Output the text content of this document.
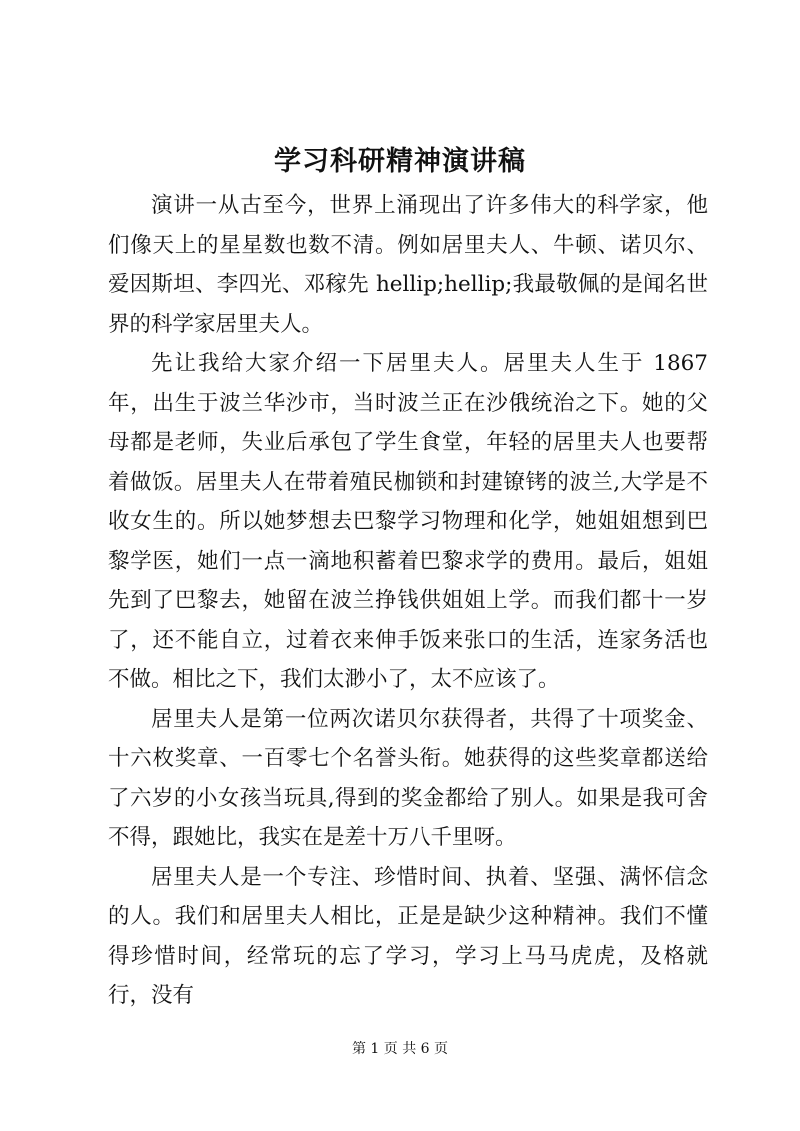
学习科研精神演讲稿

演讲一从古至今，世界上涌现出了许多伟大的科学家，他们像天上的星星数也数不清。例如居里夫人、牛顿、诺贝尔、爱因斯坦、李四光、邓稼先 hellip;hellip;我最敬佩的是闻名世界的科学家居里夫人。

先让我给大家介绍一下居里夫人。居里夫人生于 1867 年，出生于波兰华沙市，当时波兰正在沙俄统治之下。她的父母都是老师，失业后承包了学生食堂，年轻的居里夫人也要帮着做饭。居里夫人在带着殖民枷锁和封建镣铐的波兰,大学是不收女生的。所以她梦想去巴黎学习物理和化学，她姐姐想到巴黎学医，她们一点一滴地积蓄着巴黎求学的费用。最后，姐姐先到了巴黎去，她留在波兰挣钱供姐姐上学。而我们都十一岁了，还不能自立，过着衣来伸手饭来张口的生活，连家务活也不做。相比之下，我们太渺小了，太不应该了。

居里夫人是第一位两次诺贝尔获得者，共得了十项奖金、十六枚奖章、一百零七个名誉头衔。她获得的这些奖章都送给了六岁的小女孩当玩具,得到的奖金都给了别人。如果是我可舍不得，跟她比，我实在是差十万八千里呀。

居里夫人是一个专注、珍惜时间、执着、坚强、满怀信念的人。我们和居里夫人相比，正是是缺少这种精神。我们不懂得珍惜时间，经常玩的忘了学习，学习上马马虎虎，及格就行，没有

第 1 页 共 6 页
